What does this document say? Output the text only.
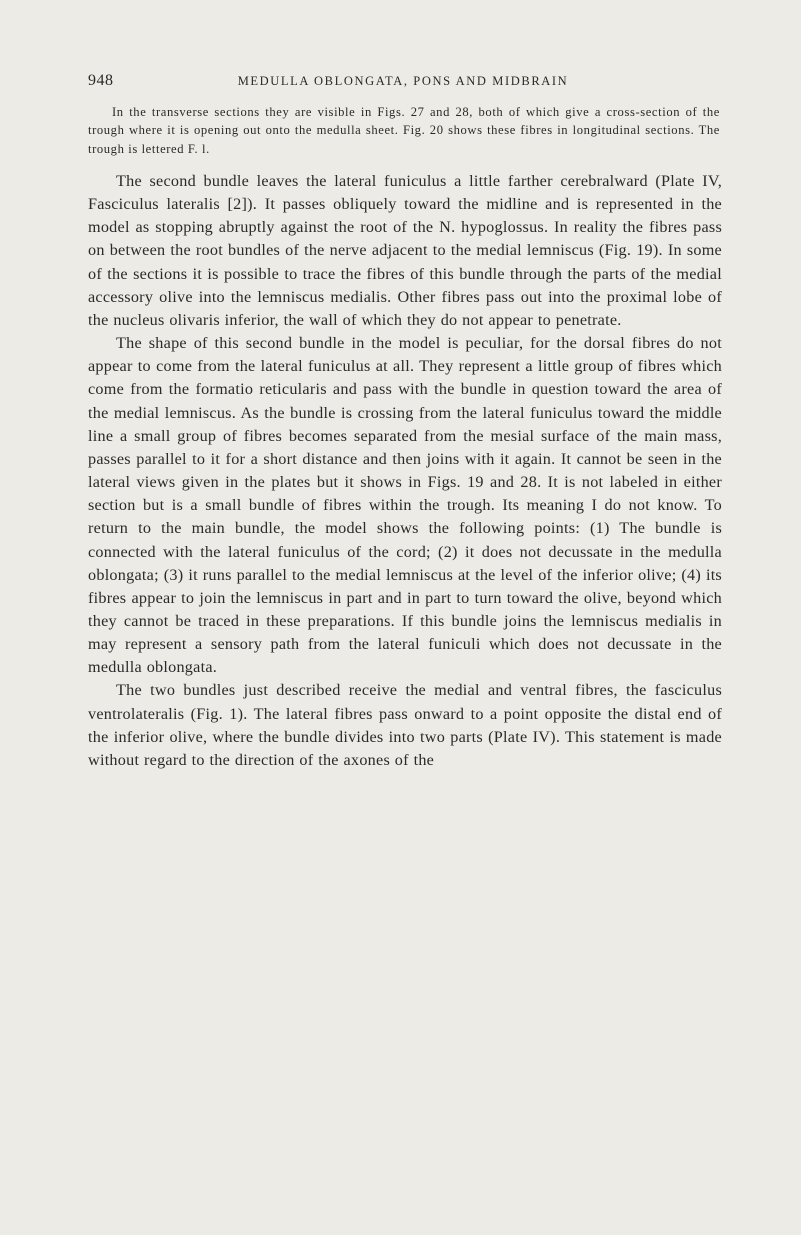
948	MEDULLA OBLONGATA, PONS AND MIDBRAIN

In the transverse sections they are visible in Figs. 27 and 28, both of which give a cross-section of the trough where it is opening out onto the medulla sheet. Fig. 20 shows these fibres in longitudinal sections. The trough is lettered F. l.

The second bundle leaves the lateral funiculus a little farther cerebralward (Plate IV, Fasciculus lateralis [2]). It passes obliquely toward the midline and is represented in the model as stopping abruptly against the root of the N. hypoglossus. In reality the fibres pass on between the root bundles of the nerve adjacent to the medial lemniscus (Fig. 19). In some of the sections it is possible to trace the fibres of this bundle through the parts of the medial accessory olive into the lemniscus medialis. Other fibres pass out into the proximal lobe of the nucleus olivaris inferior, the wall of which they do not appear to penetrate.

The shape of this second bundle in the model is peculiar, for the dorsal fibres do not appear to come from the lateral funiculus at all. They represent a little group of fibres which come from the formatio reticularis and pass with the bundle in question toward the area of the medial lemniscus. As the bundle is crossing from the lateral funiculus toward the middle line a small group of fibres becomes separated from the mesial surface of the main mass, passes parallel to it for a short distance and then joins with it again. It cannot be seen in the lateral views given in the plates but it shows in Figs. 19 and 28. It is not labeled in either section but is a small bundle of fibres within the trough. Its meaning I do not know. To return to the main bundle, the model shows the following points: (1) The bundle is connected with the lateral funiculus of the cord; (2) it does not decussate in the medulla oblongata; (3) it runs parallel to the medial lemniscus at the level of the inferior olive; (4) its fibres appear to join the lemniscus in part and in part to turn toward the olive, beyond which they cannot be traced in these preparations. If this bundle joins the lemniscus medialis in may represent a sensory path from the lateral funiculi which does not decussate in the medulla oblongata.

The two bundles just described receive the medial and ventral fibres, the fasciculus ventrolateralis (Fig. 1). The lateral fibres pass onward to a point opposite the distal end of the inferior olive, where the bundle divides into two parts (Plate IV). This statement is made without regard to the direction of the axones of the
